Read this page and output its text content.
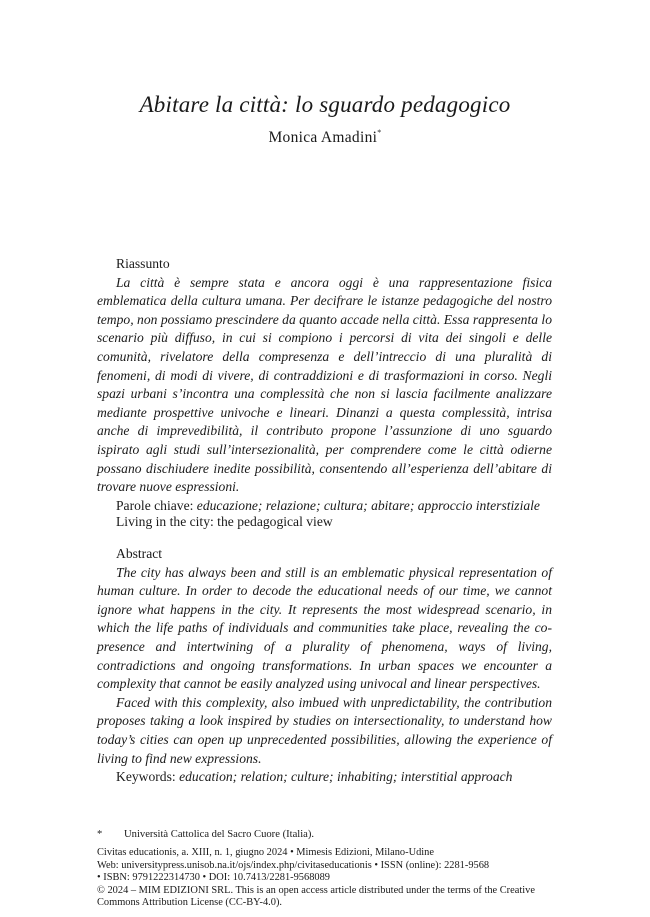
Abitare la città: lo sguardo pedagogico
Monica Amadini*

Riassunto

La città è sempre stata e ancora oggi è una rappresentazione fisica emblematica della cultura umana. Per decifrare le istanze pedagogiche del nostro tempo, non possiamo prescindere da quanto accade nella città. Essa rappresenta lo scenario più diffuso, in cui si compiono i percorsi di vita dei singoli e delle comunità, rivelatore della compresenza e dell’intreccio di una pluralità di fenomeni, di modi di vivere, di contraddizioni e di trasformazioni in corso. Negli spazi urbani s’incontra una complessità che non si lascia facilmente analizzare mediante prospettive univoche e lineari. Dinanzi a questa complessità, intrisa anche di imprevedibilità, il contributo propone l’assunzione di uno sguardo ispirato agli studi sull’intersezionalità, per comprendere come le città odierne possano dischiudere inedite possibilità, consentendo all’esperienza dell’abitare di trovare nuove espressioni.

Parole chiave: educazione; relazione; cultura; abitare; approccio interstiziale

Living in the city: the pedagogical view

Abstract

The city has always been and still is an emblematic physical representation of human culture. In order to decode the educational needs of our time, we cannot ignore what happens in the city. It represents the most widespread scenario, in which the life paths of individuals and communities take place, revealing the co-presence and intertwining of a plurality of phenomena, ways of living, contradictions and ongoing transformations. In urban spaces we encounter a complexity that cannot be easily analyzed using univocal and linear perspectives.

Faced with this complexity, also imbued with unpredictability, the contribution proposes taking a look inspired by studies on intersectionality, to understand how today’s cities can open up unprecedented possibilities, allowing the experience of living to find new expressions.

Keywords: education; relation; culture; inhabiting; interstitial approach

* Università Cattolica del Sacro Cuore (Italia).

Civitas educationis, a. XIII, n. 1, giugno 2024 • Mimesis Edizioni, Milano-Udine

Web: universitypress.unisob.na.it/ojs/index.php/civitaseducationis • ISSN (online): 2281-9568

• ISBN: 9791222314730 • DOI: 10.7413/2281-9568089

© 2024 – MIM EDIZIONI SRL. This is an open access article distributed under the terms of the Creative Commons Attribution License (CC-BY-4.0).
